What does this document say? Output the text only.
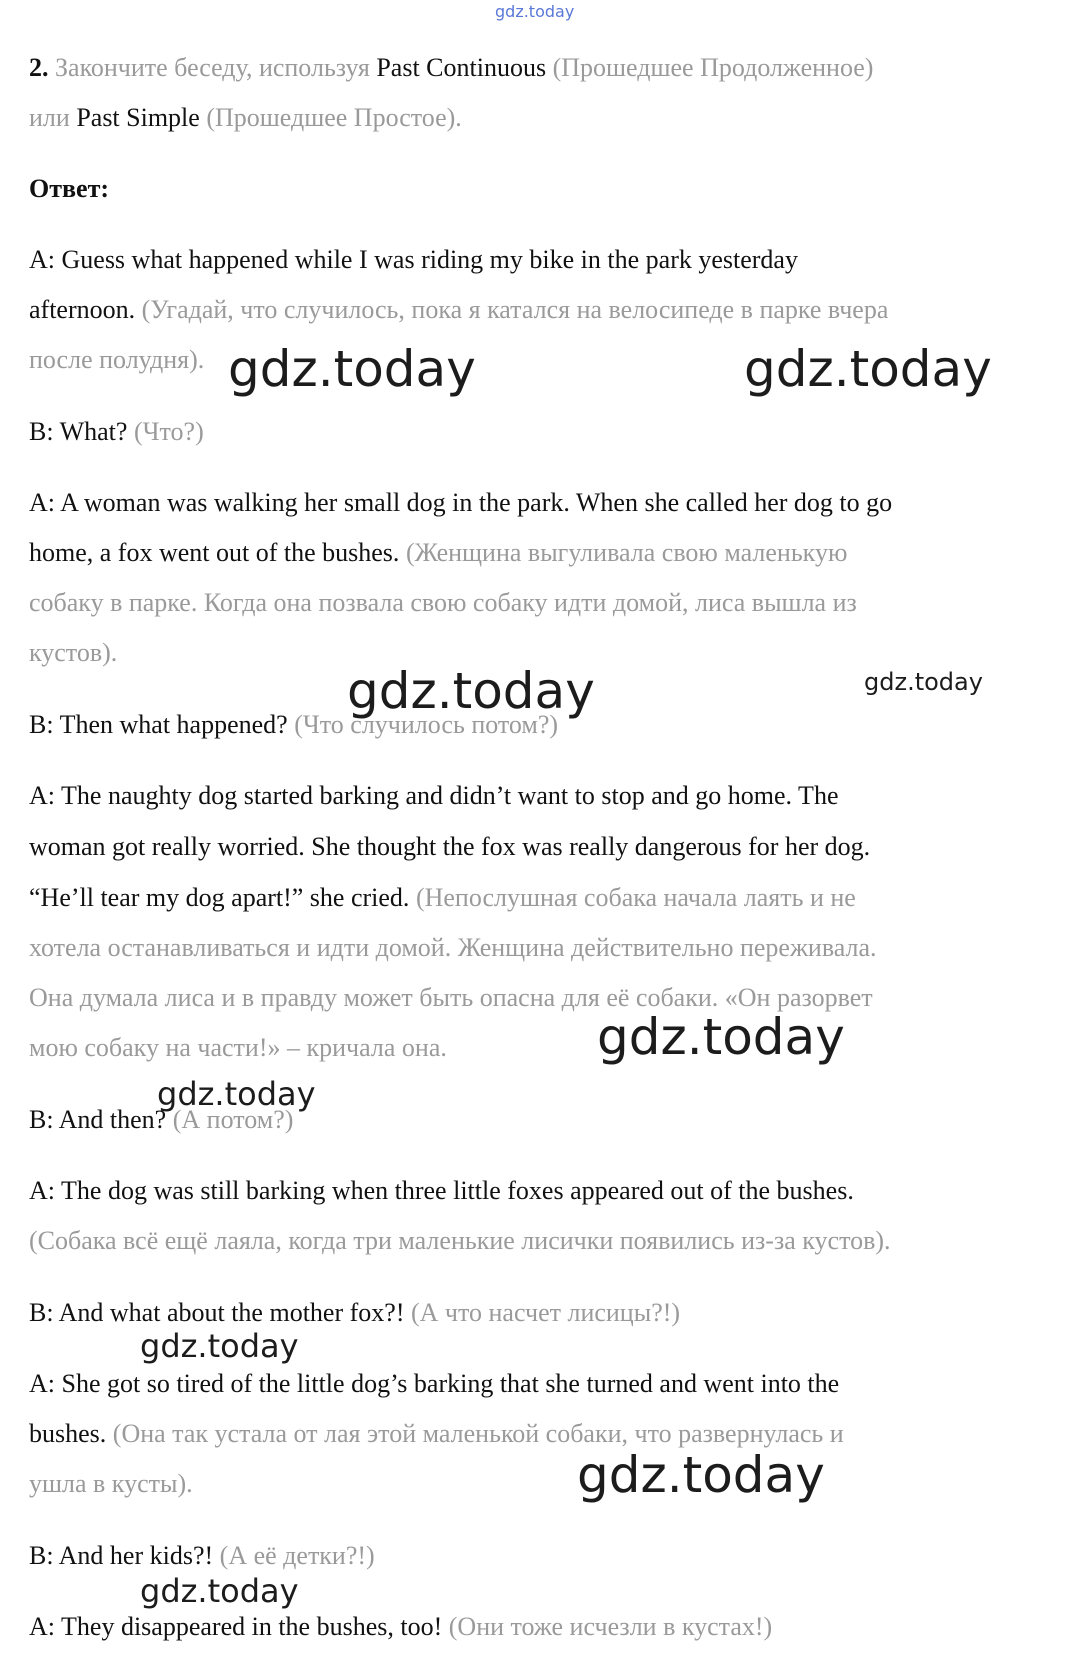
gdz.today
2. Закончите беседу, используя Past Continuous (Прошедшее Продолженное)
или Past Simple (Прошедшее Простое).
Ответ:
A: Guess what happened while I was riding my bike in the park yesterday
afternoon. (Угадай, что случилось, пока я катался на велосипеде в парке вчера
после полудня).
B: What? (Что?)
A: A woman was walking her small dog in the park. When she called her dog to go
home, a fox went out of the bushes. (Женщина выгуливала свою маленькую
собаку в парке. Когда она позвала свою собаку идти домой, лиса вышла из
кустов).
B: Then what happened? (Что случилось потом?)
A: The naughty dog started barking and didn’t want to stop and go home. The
woman got really worried. She thought the fox was really dangerous for her dog.
“He’ll tear my dog apart!” she cried. (Непослушная собака начала лаять и не
хотела останавливаться и идти домой. Женщина действительно переживала.
Она думала лиса и в правду может быть опасна для её собаки. «Он разорвет
мою собаку на части!» – кричала она.
B: And then? (А потом?)
A: The dog was still barking when three little foxes appeared out of the bushes.
(Собака всё ещё лаяла, когда три маленькие лисички появились из-за кустов).
B: And what about the mother fox?! (А что насчет лисицы?!)
A: She got so tired of the little dog’s barking that she turned and went into the
bushes. (Она так устала от лая этой маленькой собаки, что развернулась и
ушла в кусты).
B: And her kids?! (А её детки?!)
A: They disappeared in the bushes, too! (Они тоже исчезли в кустах!)
gdz.today	gdz.today
gdz.today	gdz.today
gdz.today
gdz.today
gdz.today
gdz.today
gdz.today
